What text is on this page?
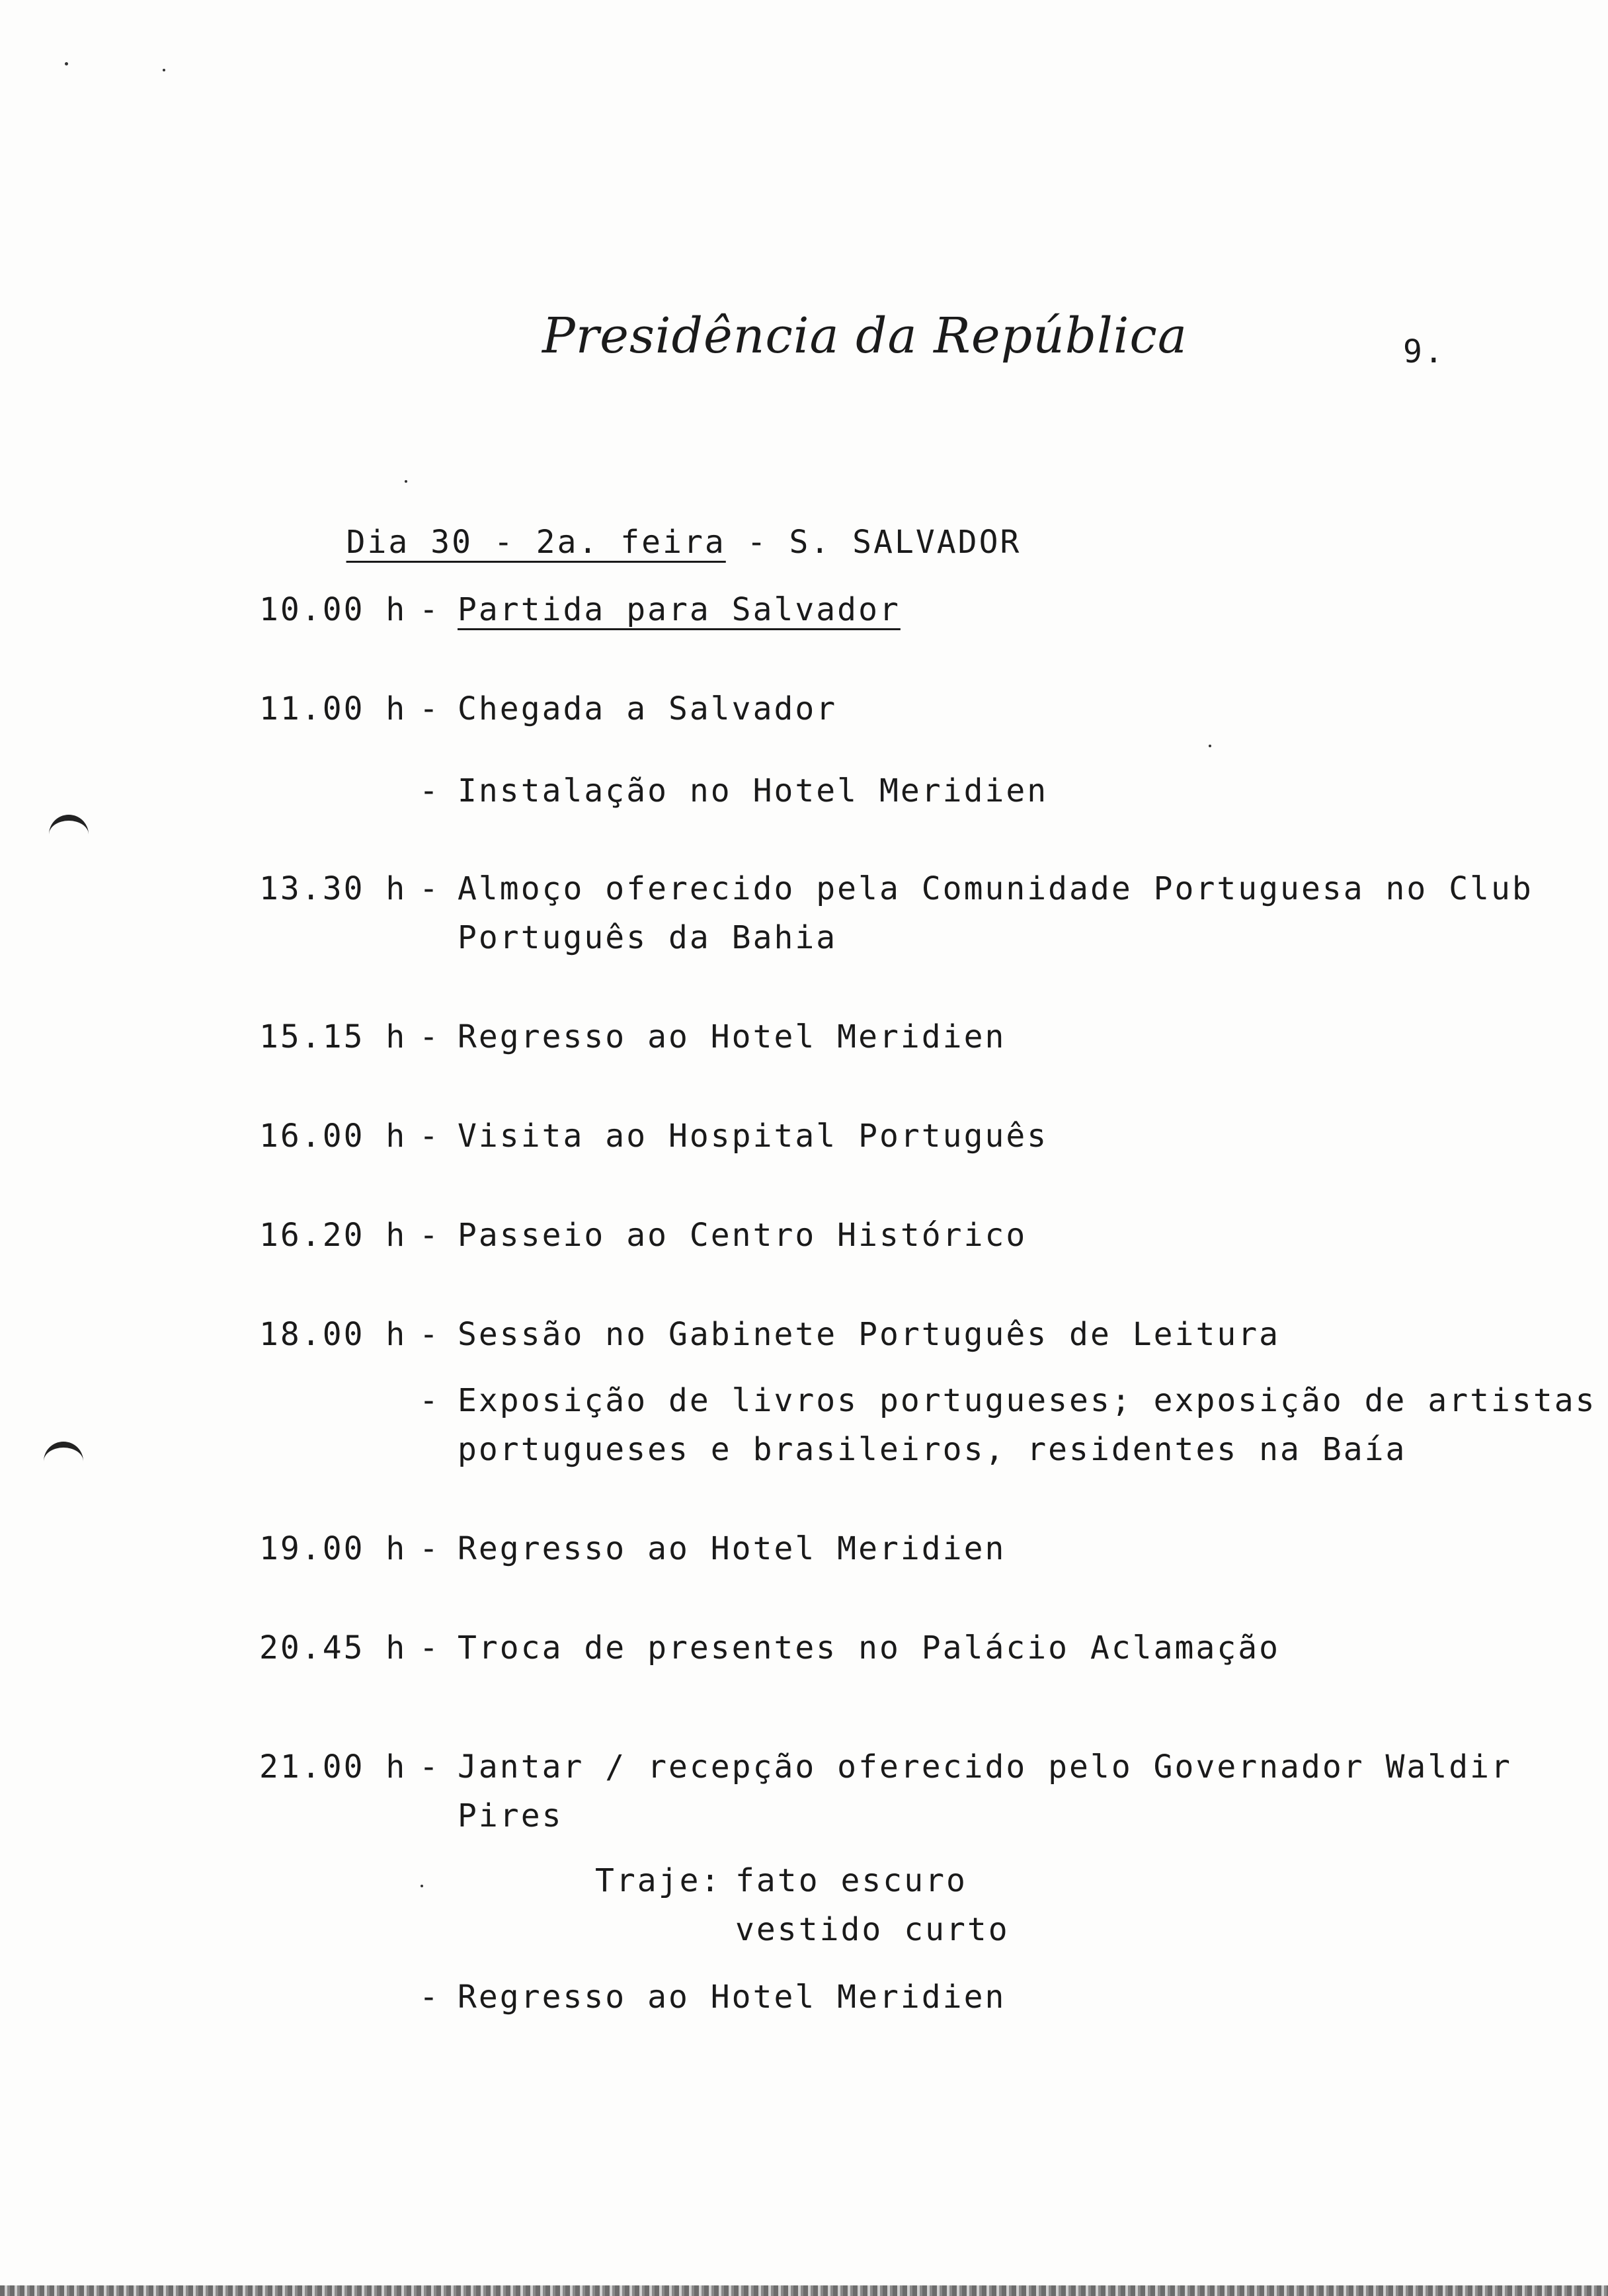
Presidência da República	9.

Dia 30 - 2a. feira - S. SALVADOR

10.00 h

-

Partida para Salvador

11.00 h

-

Chegada a Salvador

-

Instalação no Hotel Meridien

13.30 h

-

Almoço oferecido pela Comunidade Portuguesa no Club

Português da Bahia

15.15 h

-

Regresso ao Hotel Meridien

16.00 h

-

Visita ao Hospital Português

16.20 h

-

Passeio ao Centro Histórico

18.00 h

-

Sessão no Gabinete Português de Leitura

-

Exposição de livros portugueses; exposição de artistas

portugueses e brasileiros, residentes na Baía

19.00 h

-

Regresso ao Hotel Meridien

20.45 h

-

Troca de presentes no Palácio Aclamação

21.00 h

-

Jantar / recepção oferecido pelo Governador Waldir

Pires

Traje: fato escuro
vestido curto

-

Regresso ao Hotel Meridien
